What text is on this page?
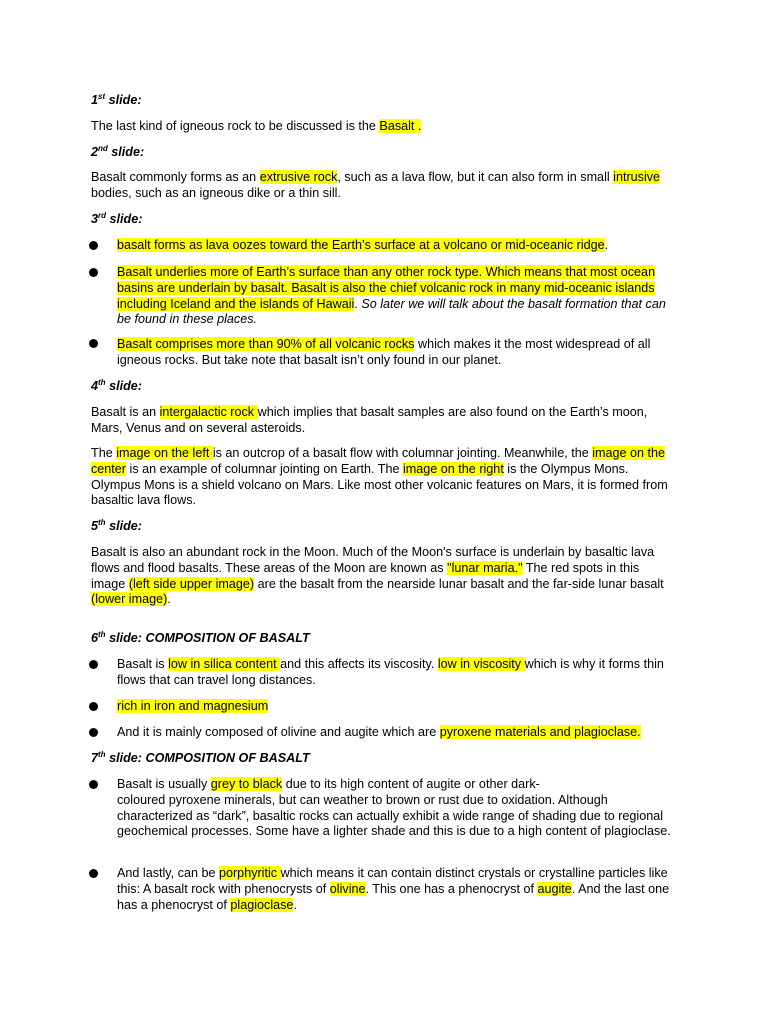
1st slide:

The last kind of igneous rock to be discussed is the Basalt .

2nd slide:

Basalt commonly forms as an extrusive rock, such as a lava flow, but it can also form in small intrusive bodies, such as an igneous dike or a thin sill.

3rd slide:

basalt forms as lava oozes toward the Earth’s surface at a volcano or mid-oceanic ridge.

Basalt underlies more of Earth’s surface than any other rock type. Which means that most ocean basins are underlain by basalt. Basalt is also the chief volcanic rock in many mid-oceanic islands including Iceland and the islands of Hawaii. So later we will talk about the basalt formation that can be found in these places.

Basalt comprises more than 90% of all volcanic rocks which makes it the most widespread of all igneous rocks. But take note that basalt isn’t only found in our planet.

4th slide:

Basalt is an intergalactic rock which implies that basalt samples are also found on the Earth’s moon, Mars, Venus and on several asteroids.

The image on the left is an outcrop of a basalt flow with columnar jointing. Meanwhile, the image on the center is an example of columnar jointing on Earth. The image on the right is the Olympus Mons. Olympus Mons is a shield volcano on Mars. Like most other volcanic features on Mars, it is formed from basaltic lava flows.

5th slide:

Basalt is also an abundant rock in the Moon. Much of the Moon's surface is underlain by basaltic lava flows and flood basalts. These areas of the Moon are known as "lunar maria." The red spots in this image (left side upper image) are the basalt from the nearside lunar basalt and the far-side lunar basalt (lower image).

6th slide: COMPOSITION OF BASALT

Basalt is low in silica content and this affects its viscosity. low in viscosity which is why it forms thin flows that can travel long distances.

rich in iron and magnesium

And it is mainly composed of olivine and augite which are pyroxene materials and plagioclase.

7th slide: COMPOSITION OF BASALT

Basalt is usually grey to black due to its high content of augite or other dark-
coloured pyroxene minerals, but can weather to brown or rust due to oxidation. Although characterized as “dark”, basaltic rocks can actually exhibit a wide range of shading due to regional geochemical processes. Some have a lighter shade and this is due to a high content of plagioclase.

And lastly, can be porphyritic which means it can contain distinct crystals or crystalline particles like this: A basalt rock with phenocrysts of olivine. This one has a phenocryst of augite. And the last one has a phenocryst of plagioclase.
